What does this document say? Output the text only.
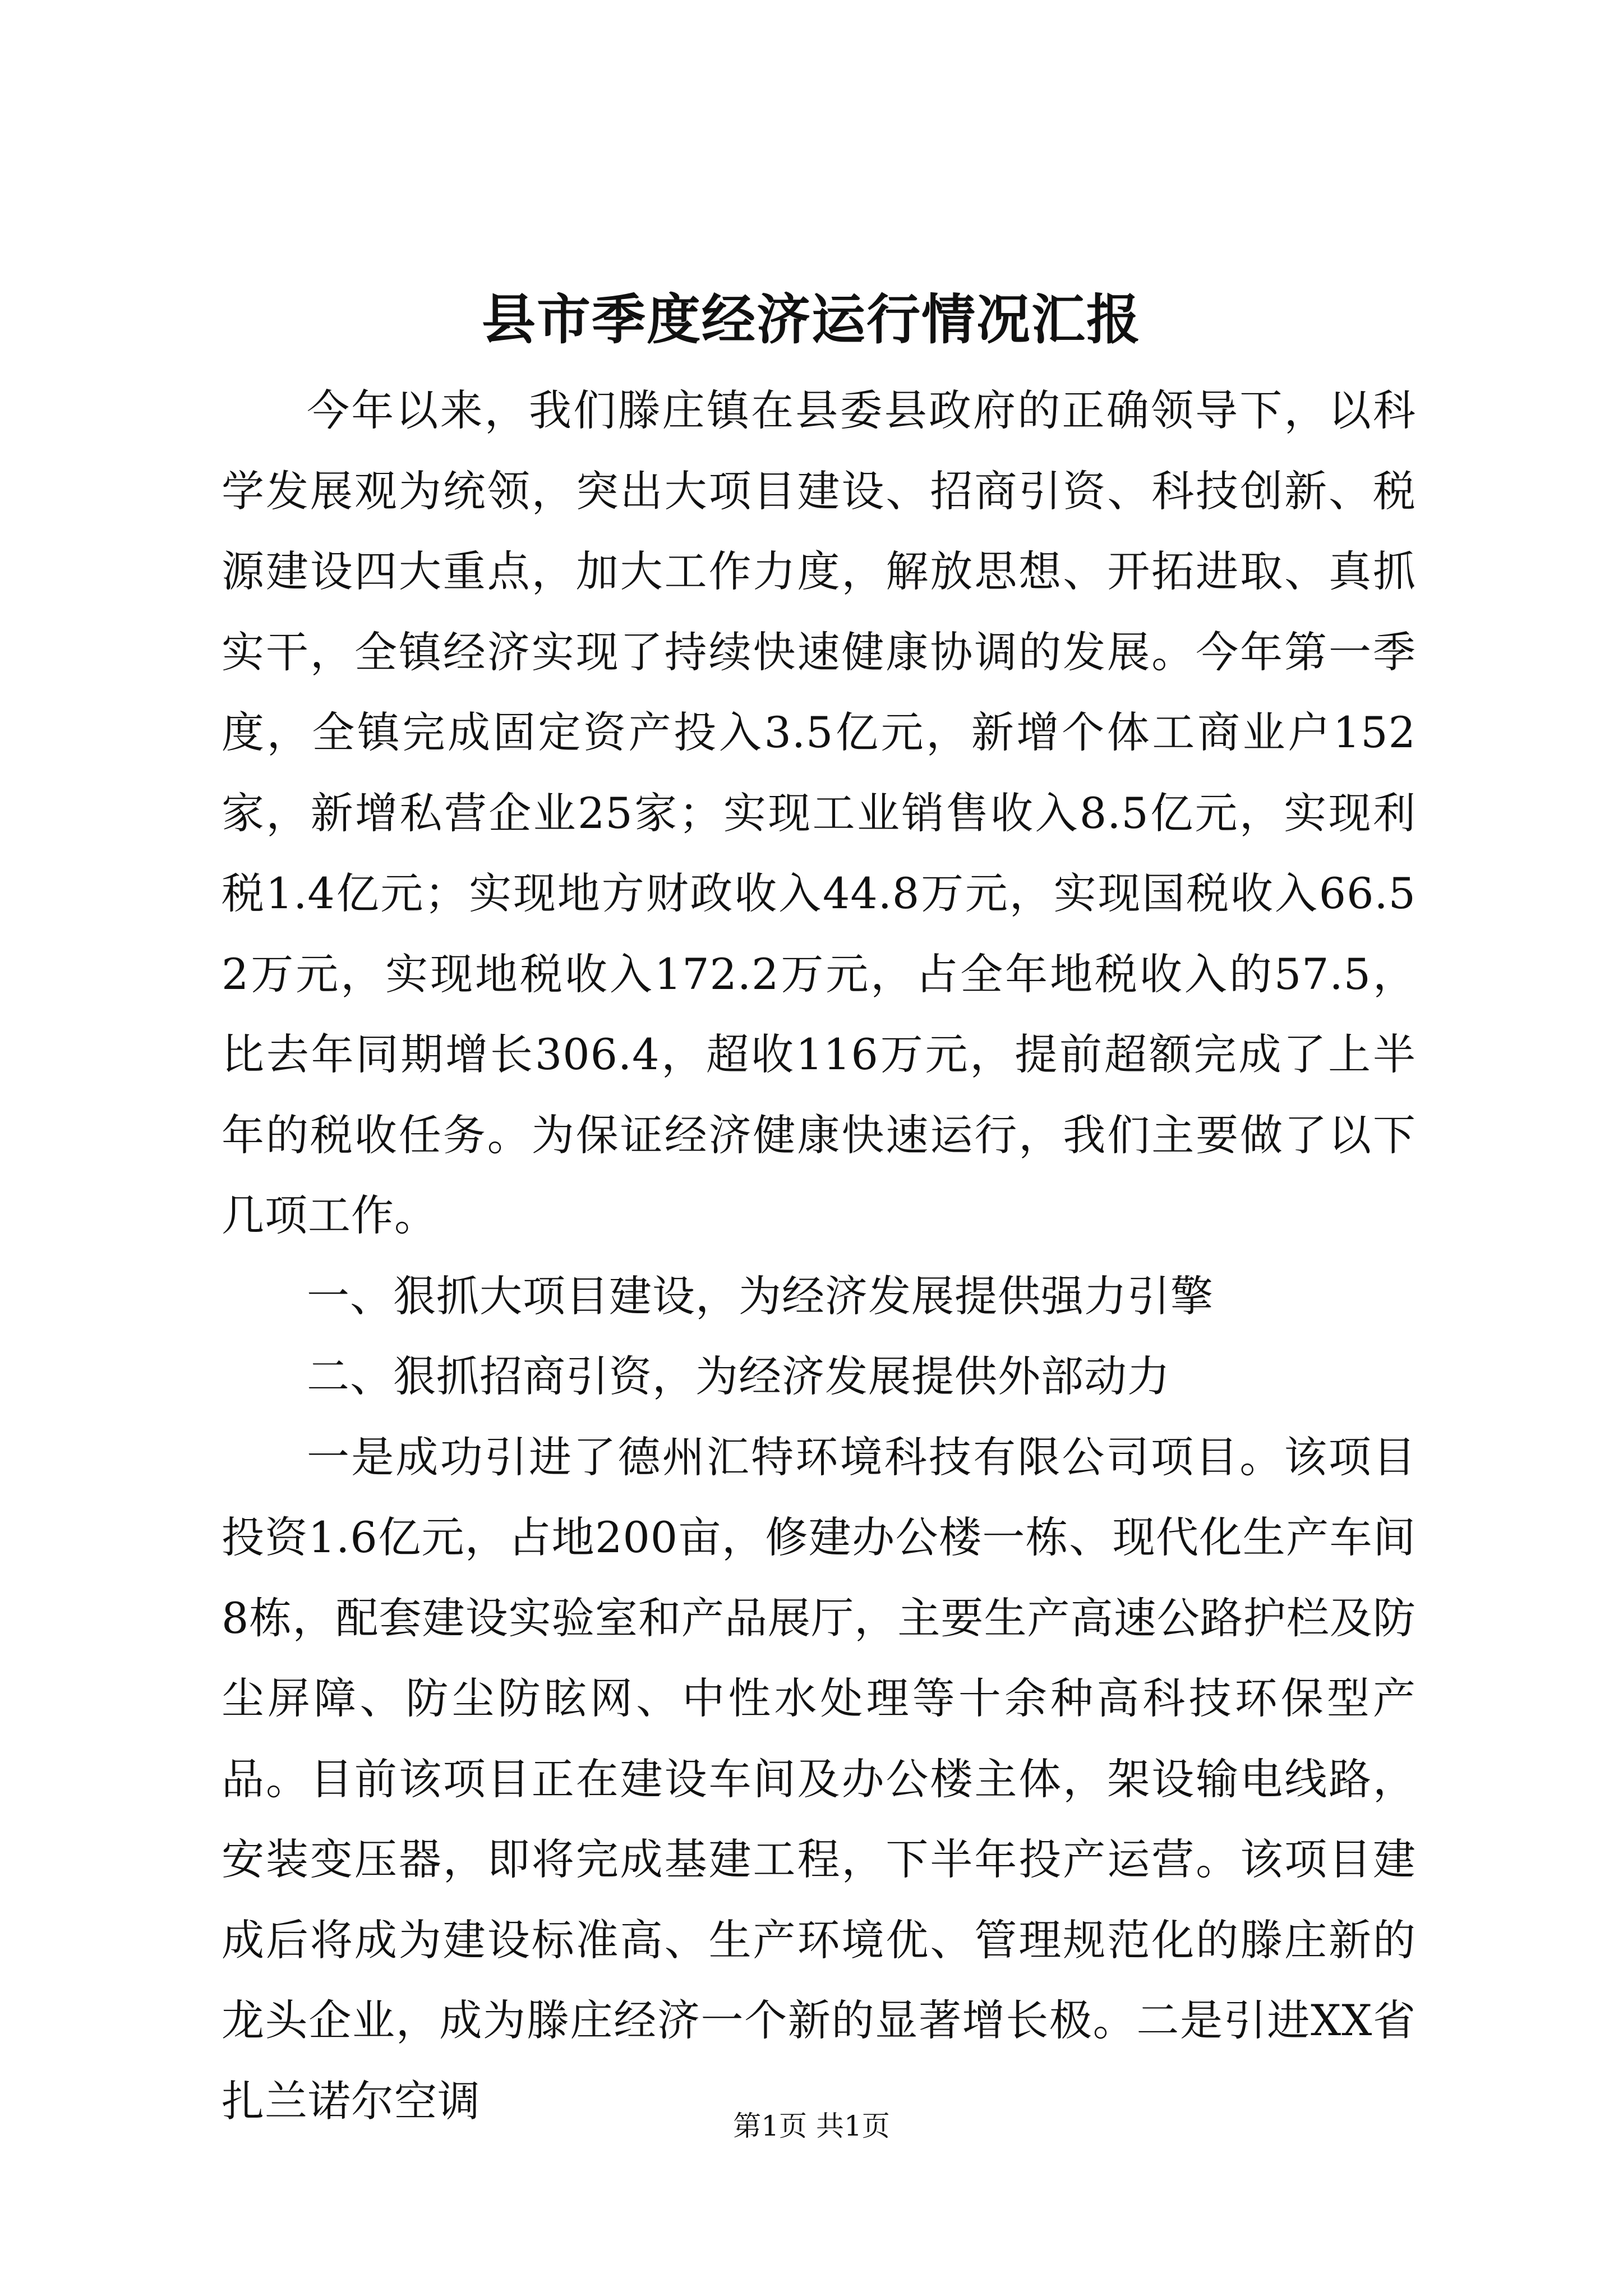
县市季度经济运行情况汇报

今年以来，我们滕庄镇在县委县政府的正确领导下，以科学发展观为统领，突出大项目建设、招商引资、科技创新、税源建设四大重点，加大工作力度，解放思想、开拓进取、真抓实干，全镇经济实现了持续快速健康协调的发展。今年第一季度，全镇完成固定资产投入3.5亿元，新增个体工商业户152家，新增私营企业25家；实现工业销售收入8.5亿元，实现利税1.4亿元；实现地方财政收入44.8万元，实现国税收入66.52万元，实现地税收入172.2万元，占全年地税收入的57.5，比去年同期增长306.4，超收116万元，提前超额完成了上半年的税收任务。为保证经济健康快速运行，我们主要做了以下几项工作。

一、狠抓大项目建设，为经济发展提供强力引擎

二、狠抓招商引资，为经济发展提供外部动力

一是成功引进了德州汇特环境科技有限公司项目。该项目投资1.6亿元，占地200亩，修建办公楼一栋、现代化生产车间8栋，配套建设实验室和产品展厅，主要生产高速公路护栏及防尘屏障、防尘防眩网、中性水处理等十余种高科技环保型产品。目前该项目正在建设车间及办公楼主体，架设输电线路，安装变压器，即将完成基建工程，下半年投产运营。该项目建成后将成为建设标准高、生产环境优、管理规范化的滕庄新的龙头企业，成为滕庄经济一个新的显著增长极。二是引进XX省扎兰诺尔空调

第1页 共1页
